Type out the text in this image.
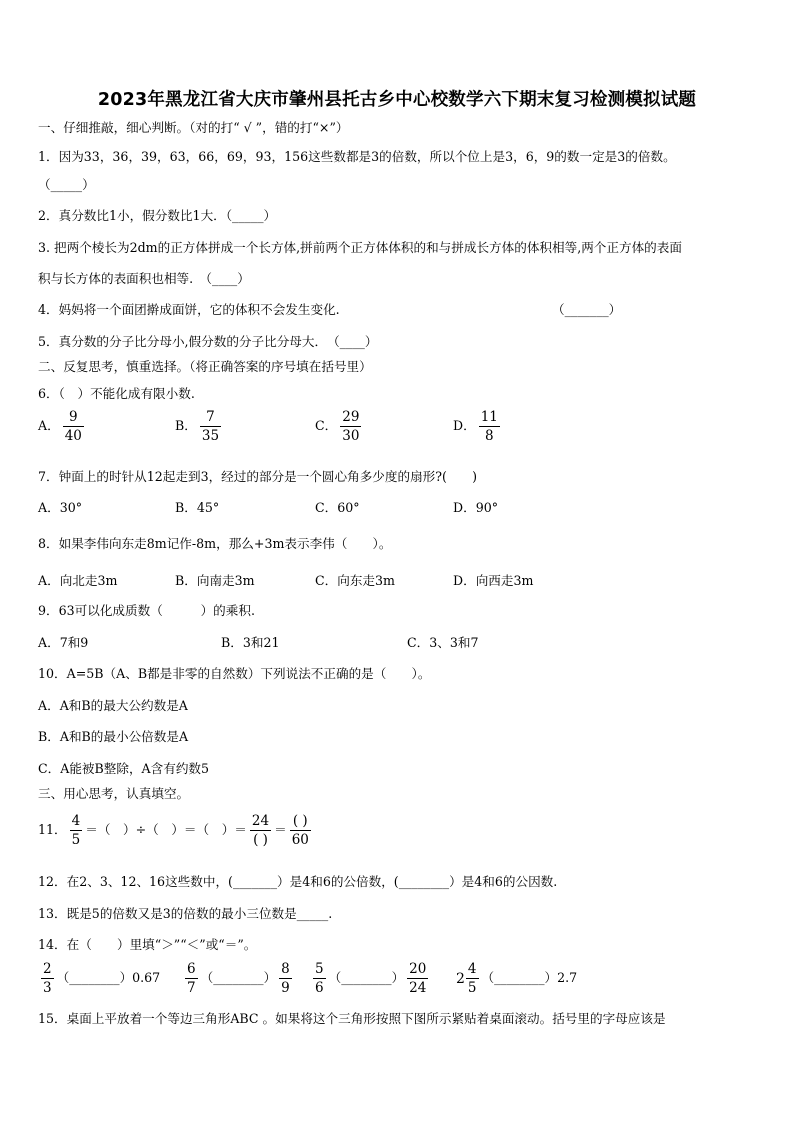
2023年黑龙江省大庆市肇州县托古乡中心校数学六下期末复习检测模拟试题
一、仔细推敲，细心判断。（对的打“ √ ”，错的打“×”）
1．因为33，36，39，63，66，69，93，156这些数都是3的倍数，所以个位上是3，6，9的数一定是3的倍数。
（_____）
2．真分数比1小，假分数比1大．（_____）
3. 把两个棱长为2dm的正方体拼成一个长方体,拼前两个正方体体积的和与拼成长方体的体积相等,两个正方体的表面
积与长方体的表面积也相等.　（____）
4．妈妈将一个面团擀成面饼，它的体积不会发生变化.	（_______）
5．真分数的分子比分母小,假分数的分子比分母大．　（____）
二、反复思考，慎重选择。（将正确答案的序号填在括号里）
6．（　）不能化成有限小数.
A． $\frac{9}{40}$	B． $\frac{7}{35}$	C． $\frac{29}{30}$	D． $\frac{11}{8}$
7．钟面上的时针从12起走到3，经过的部分是一个圆心角多少度的扇形?(　　)
A．30°	B．45°	C．60°	D．90°
8．如果李伟向东走8m记作-8m，那么+3m表示李伟（　　）。
A．向北走3m	B．向南走3m	C．向东走3m	D．向西走3m
9．63可以化成质数（　　　）的乘积.
A．7和9	B．3和21	C．3、3和7
10．A=5B（A、B都是非零的自然数）下列说法不正确的是（　　）。
A．A和B的最大公约数是A
B．A和B的最小公倍数是A
C．A能被B整除，A含有约数5
三、用心思考，认真填空。
11． $\frac{4}{5}$ ＝（　）÷（　）＝（　）＝ $\frac{24}{( )} = \frac{( )}{60}$
12．在2、3、12、16这些数中，(_______）是4和6的公倍数，(________）是4和6的公因数.
13．既是5的倍数又是3的倍数的最小三位数是_____.
14．在（　　）里填“＞”“＜”或“＝”。
$\frac{2}{3}$ （________）0.67 $\frac{6}{7}$ （________） $\frac{8}{9} \frac{5}{6}$ （________） $\frac{20}{24} 2 \frac{4}{5}$ （________）2.7
15．桌面上平放着一个等边三角形ABC 。如果将这个三角形按照下图所示紧贴着桌面滚动。括号里的字母应该是
